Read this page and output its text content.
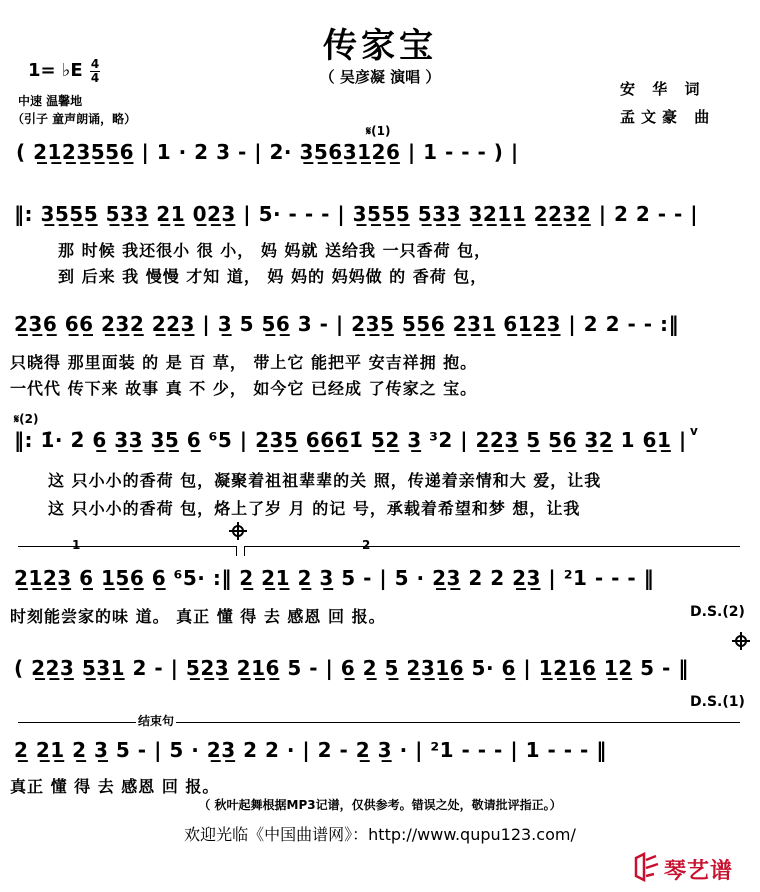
传家宝
（ 吴彦凝 演唱 ）
1= ♭E 4
4
中速 温馨地
（引子 童声朗诵，略）
安 华 词
孟文豪 曲
𝄋(1)
( 2̲1̲2̲3̲5̲5̲6̲ | 1 · 2 3 - | 2· 3̲5̲6̲3̲1̲2̲6̲ | 1 - - - ) |
‖: 3̲5̲5̲5̲ 5̲3̲3̲ 2̲1̲ 0̲2̲3̲ | 5· - - - | 3̲5̲5̲5̲ 5̲3̲3̲ 3̲2̲1̲1̲ 2̲2̲3̲2̲ | 2 2 - - |
那 时候 我还很小 很 小， 妈 妈就 送给我 一只香荷 包，
到 后来 我 慢慢 才知 道， 妈 妈的 妈妈做 的 香荷 包，
2̲3̲6̲ 6̲6̲ 2̲3̲2̲ 2̲2̲3̲ | 3̲ 5 5̲6̲ 3 - | 2̲3̲5̲ 5̲5̲6̲ 2̲3̲1̲ 6̲1̲2̲3̲ | 2 2 - - :‖
只晓得 那里面装 的 是 百 草， 带上它 能把平 安吉祥拥 抱。
一代代 传下来 故事 真 不 少， 如今它 已经成 了传家之 宝。
𝄋(2)
v
‖: 1̇· 2̇ 6̲ 3̲3̲ 3̲5̲ 6̲ ⁶5 | 2̲3̲5̲ 6̲6̲6̲1̇ 5̲2̲ 3̲ ³2 | 2̲2̲3̲ 5̲ 5̲6̲ 3̲2̲ 1 6̲1̲ |
这 只小小的香荷 包，凝聚着祖祖辈辈的关 照，传递着亲情和大 爱，让我
这 只小小的香荷 包，烙上了岁 月 的记 号，承载着希望和梦 想，让我
1	2
2̲1̲2̲3̲ 6̲ 1̲5̲6̲ 6̲ ⁶5· :‖ 2̲ 2̲1̲ 2̲ 3̲ 5 - | 5 · 2̲3̲ 2 2 2̲3̲ | ²1 - - - ‖
时刻能尝家的味 道。 真正 懂 得 去 感恩 回 报。	D.S.(2)
( 2̲2̲3̲ 5̲3̲1̲ 2 - | 5̲2̲3̲ 2̲1̲6̲ 5 - | 6̲ 2̲ 5̲ 2̲3̲1̲6̲ 5· 6̲ | 1̲2̲1̲6̲ 1̲2̲ 5 - ‖
D.S.(1)
结束句
2̲ 2̲1̲ 2̲ 3̲ 5 - | 5 · 2̲3̲ 2 2 · | 2 - 2̲ 3̲ · | ²1 - - - | 1 - - - ‖
真正 懂 得 去 感恩 回 报。
（ 秋叶起舞根据MP3记谱，仅供参考。错误之处，敬请批评指正。）
欢迎光临《中国曲谱网》：http://www.qupu123.com/
琴艺谱
